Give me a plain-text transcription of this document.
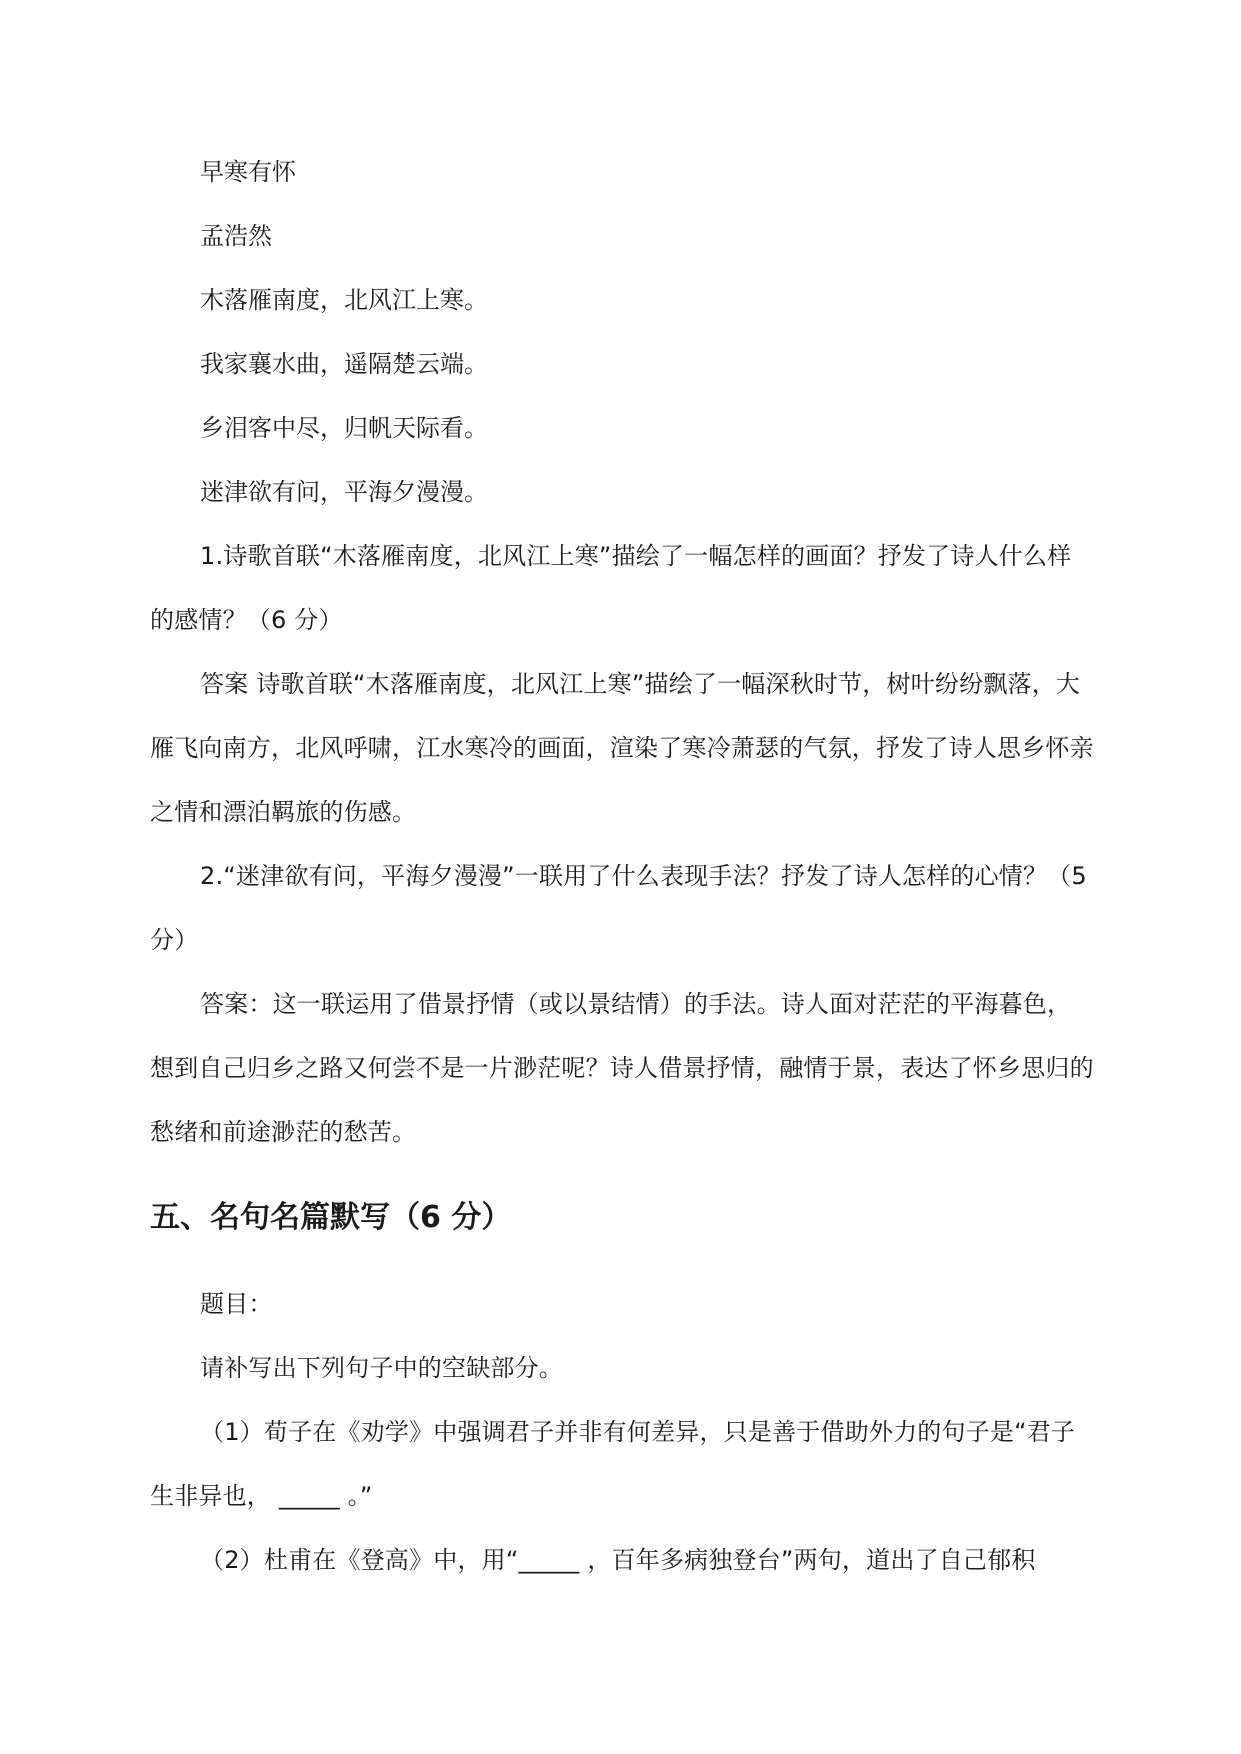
早寒有怀

孟浩然

木落雁南度，北风江上寒。

我家襄水曲，遥隔楚云端。

乡泪客中尽，归帆天际看。

迷津欲有问，平海夕漫漫。

1.诗歌首联“木落雁南度，北风江上寒”描绘了一幅怎样的画面？抒发了诗人什么样的感情？（6 分）

答案 诗歌首联“木落雁南度，北风江上寒”描绘了一幅深秋时节，树叶纷纷飘落，大雁飞向南方，北风呼啸，江水寒冷的画面，渲染了寒冷萧瑟的气氛，抒发了诗人思乡怀亲之情和漂泊羁旅的伤感。

2.“迷津欲有问，平海夕漫漫”一联用了什么表现手法？抒发了诗人怎样的心情？（5 分）

答案：这一联运用了借景抒情（或以景结情）的手法。诗人面对茫茫的平海暮色，想到自己归乡之路又何尝不是一片渺茫呢？诗人借景抒情，融情于景，表达了怀乡思归的愁绪和前途渺茫的愁苦。

五、名句名篇默写（6 分）

题目：

请补写出下列句子中的空缺部分。

（1）荀子在《劝学》中强调君子并非有何差异，只是善于借助外力的句子是“君子生非异也， _____ 。”

（2）杜甫在《登高》中，用“_____ ，百年多病独登台”两句，道出了自己郁积
